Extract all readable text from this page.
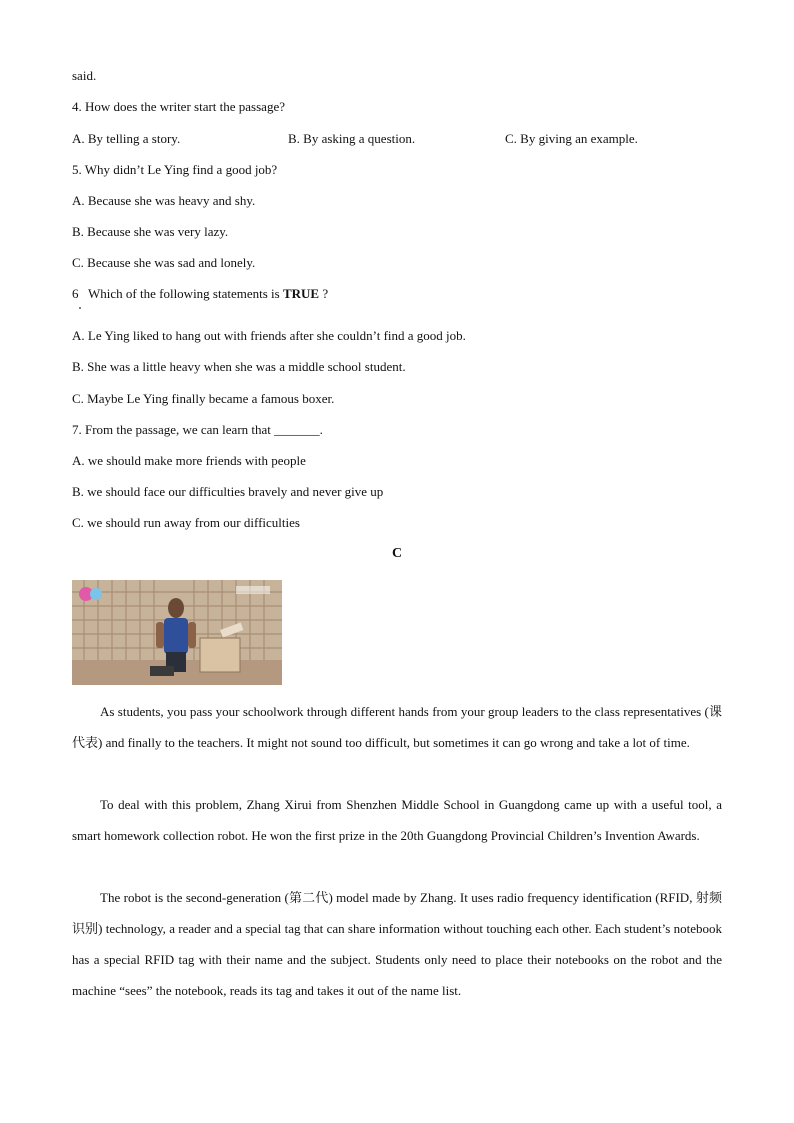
said.
4. How does the writer start the passage?
A. By telling a story.	B. By asking a question.	C. By giving an example.
5. Why didn’t Le Ying find a good job?
A. Because she was heavy and shy.
B. Because she was very lazy.
C. Because she was sad and lonely.
6   Which of the following statements is TRUE ?
A. Le Ying liked to hang out with friends after she couldn’t find a good job.
B. She was a little heavy when she was a middle school student.
C. Maybe Le Ying finally became a famous boxer.
7. From the passage, we can learn that _______.
A. we should make more friends with people
B. we should face our difficulties bravely and never give up
C. we should run away from our difficulties
C

As students, you pass your schoolwork through different hands from your group leaders to the class representatives (课代表) and finally to the teachers. It might not sound too difficult, but sometimes it can go wrong and take a lot of time.

To deal with this problem, Zhang Xirui from Shenzhen Middle School in Guangdong came up with a useful tool, a smart homework collection robot. He won the first prize in the 20th Guangdong Provincial Children’s Invention Awards.

The robot is the second-generation (第二代) model made by Zhang. It uses radio frequency identification (RFID, 射频识别) technology, a reader and a special tag that can share information without touching each other. Each student’s notebook has a special RFID tag with their name and the subject. Students only need to place their notebooks on the robot and the machine “sees” the notebook, reads its tag and takes it out of the name list.
